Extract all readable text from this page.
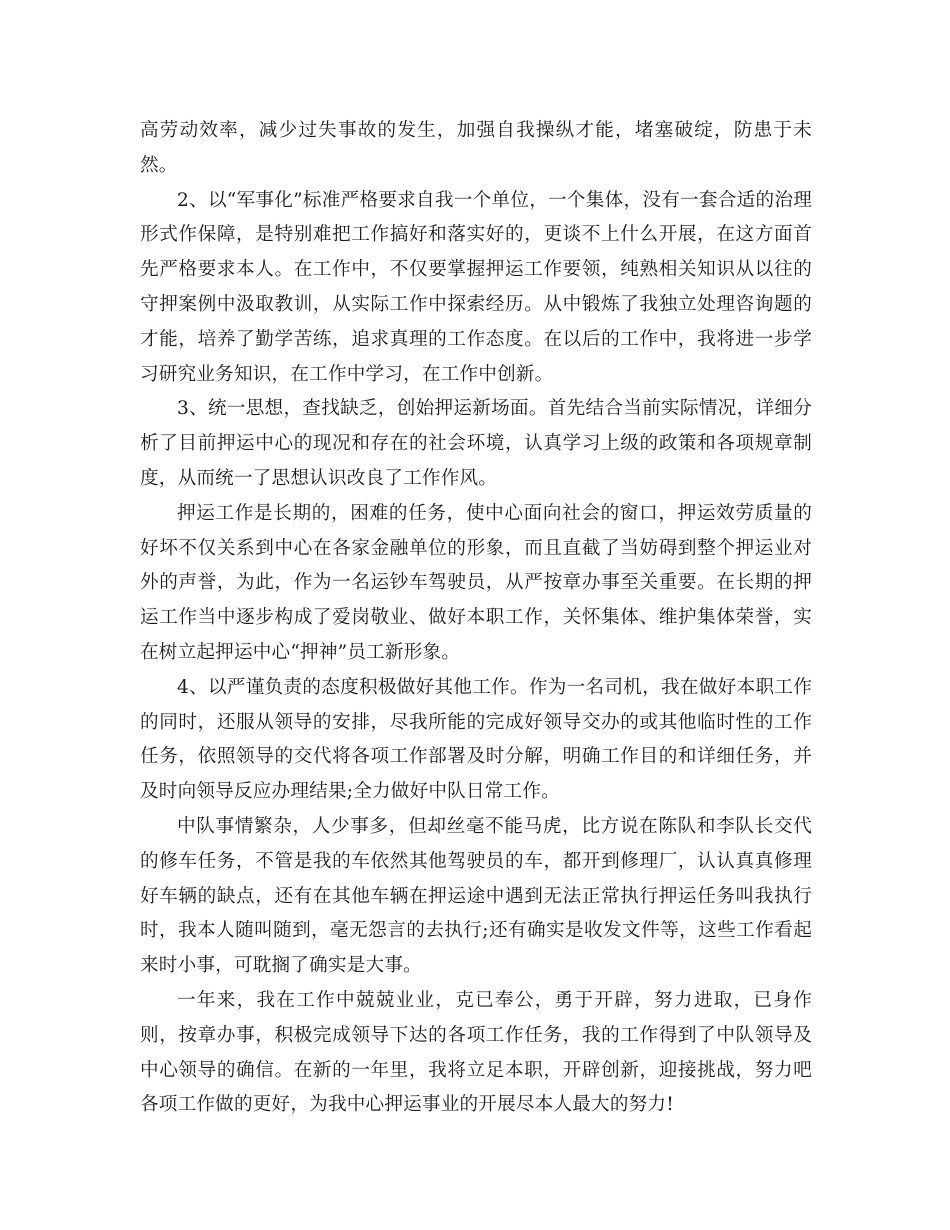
高劳动效率，减少过失事故的发生，加强自我操纵才能，堵塞破绽，防患于未然。

2、以“军事化”标准严格要求自我一个单位，一个集体，没有一套合适的治理形式作保障，是特别难把工作搞好和落实好的，更谈不上什么开展，在这方面首先严格要求本人。在工作中，不仅要掌握押运工作要领，纯熟相关知识从以往的守押案例中汲取教训，从实际工作中探索经历。从中锻炼了我独立处理咨询题的才能，培养了勤学苦练，追求真理的工作态度。在以后的工作中，我将进一步学习研究业务知识，在工作中学习，在工作中创新。

3、统一思想，查找缺乏，创始押运新场面。首先结合当前实际情况，详细分析了目前押运中心的现况和存在的社会环境，认真学习上级的政策和各项规章制度，从而统一了思想认识改良了工作作风。

押运工作是长期的，困难的任务，使中心面向社会的窗口，押运效劳质量的好坏不仅关系到中心在各家金融单位的形象，而且直截了当妨碍到整个押运业对外的声誉，为此，作为一名运钞车驾驶员，从严按章办事至关重要。在长期的押运工作当中逐步构成了爱岗敬业、做好本职工作，关怀集体、维护集体荣誉，实在树立起押运中心“押神”员工新形象。

4、以严谨负责的态度积极做好其他工作。作为一名司机，我在做好本职工作的同时，还服从领导的安排，尽我所能的完成好领导交办的或其他临时性的工作任务，依照领导的交代将各项工作部署及时分解，明确工作目的和详细任务，并及时向领导反应办理结果;全力做好中队日常工作。

中队事情繁杂，人少事多，但却丝毫不能马虎，比方说在陈队和李队长交代的修车任务，不管是我的车依然其他驾驶员的车，都开到修理厂，认认真真修理好车辆的缺点，还有在其他车辆在押运途中遇到无法正常执行押运任务叫我执行时，我本人随叫随到，毫无怨言的去执行;还有确实是收发文件等，这些工作看起来时小事，可耽搁了确实是大事。

一年来，我在工作中兢兢业业，克已奉公，勇于开辟，努力进取，已身作则，按章办事，积极完成领导下达的各项工作任务，我的工作得到了中队领导及中心领导的确信。在新的一年里，我将立足本职，开辟创新，迎接挑战，努力吧各项工作做的更好，为我中心押运事业的开展尽本人最大的努力!
